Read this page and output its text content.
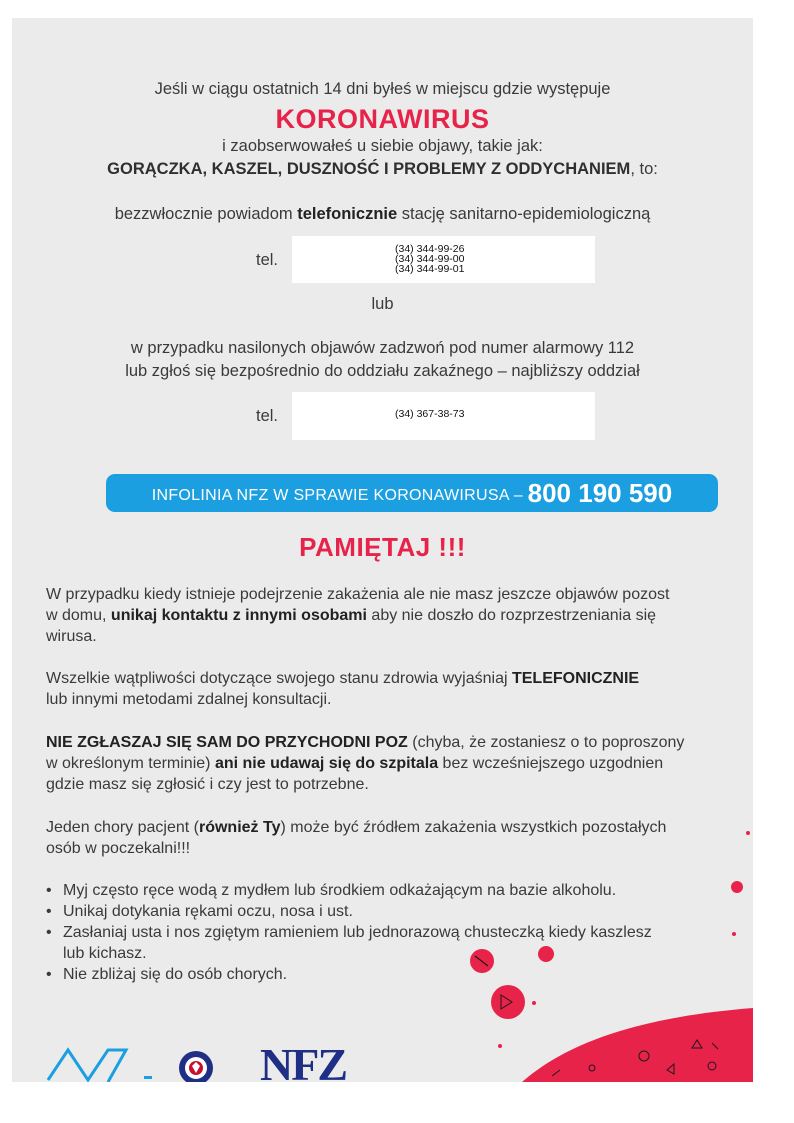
Jeśli w ciągu ostatnich 14 dni byłeś w miejscu gdzie występuje
KORONAWIRUS
i zaobserwowałeś u siebie objawy, takie jak:
GORĄCZKA, KASZEL, DUSZNOŚĆ I PROBLEMY Z ODDYCHANIEM, to:
bezzwłocznie powiadom telefonicznie stację sanitarno-epidemiologiczną
tel.
(34) 344-99-26
(34) 344-99-00
(34) 344-99-01
lub
w przypadku nasilonych objawów zadzwoń pod numer alarmowy 112
lub zgłoś się bezpośrednio do oddziału zakaźnego – najbliższy oddział
tel.	(34) 367-38-73
INFOLINIA NFZ W SPRAWIE KORONAWIRUSA – 800 190 590
PAMIĘTAJ !!!
W przypadku kiedy istnieje podejrzenie zakażenia ale nie masz jeszcze objawów pozost
w domu, unikaj kontaktu z innymi osobami aby nie doszło do rozprzestrzeniania się
wirusa.
Wszelkie wątpliwości dotyczące swojego stanu zdrowia wyjaśniaj TELEFONICZNIE
lub innymi metodami zdalnej konsultacji.
NIE ZGŁASZAJ SIĘ SAM DO PRZYCHODNI POZ (chyba, że zostaniesz o to poproszony
w określonym terminie) ani nie udawaj się do szpitala bez wcześniejszego uzgodnien
gdzie masz się zgłosić i czy jest to potrzebne.
Jeden chory pacjent (również Ty) może być źródłem zakażenia wszystkich pozostałych
osób w poczekalni!!!
• Myj często ręce wodą z mydłem lub środkiem odkażającym na bazie alkoholu.
• Unikaj dotykania rękami oczu, nosa i ust.
• Zasłaniaj usta i nos zgiętym ramieniem lub jednorazową chusteczką kiedy kaszlesz
lub kichasz.
• Nie zbliżaj się do osób chorych.
NFZ
